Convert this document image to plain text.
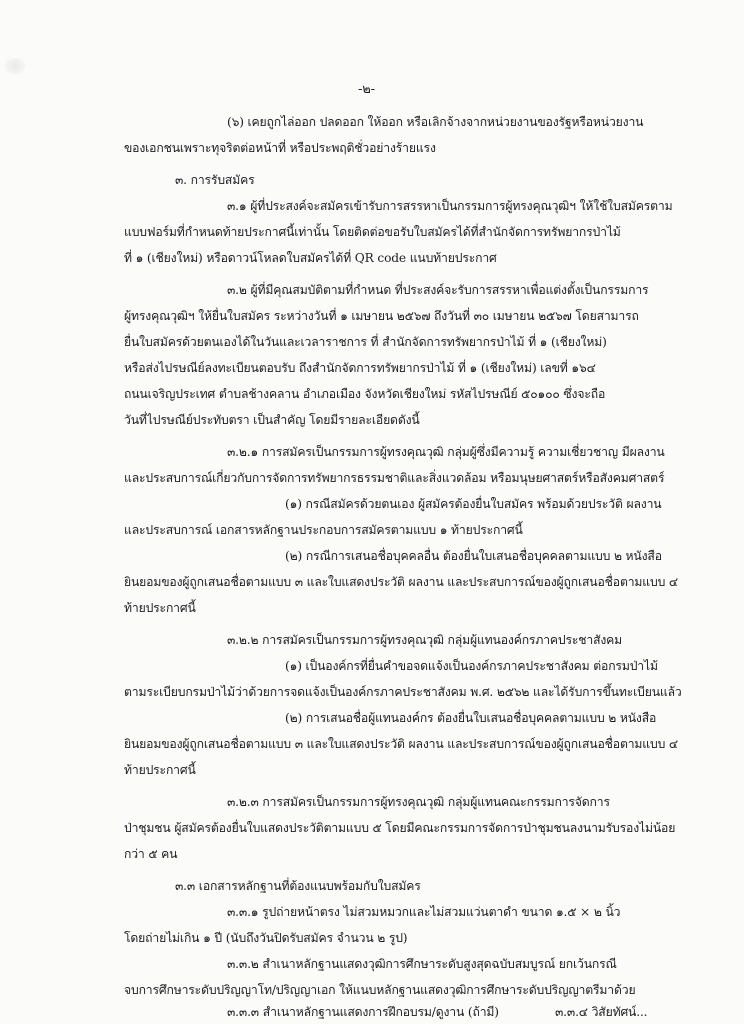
-๒-
(๖) เคยถูกไล่ออก ปลดออก ให้ออก หรือเลิกจ้างจากหน่วยงานของรัฐหรือหน่วยงาน
ของเอกชนเพราะทุจริตต่อหน้าที่ หรือประพฤติชั่วอย่างร้ายแรง
๓. การรับสมัคร
๓.๑ ผู้ที่ประสงค์จะสมัครเข้ารับการสรรหาเป็นกรรมการผู้ทรงคุณวุฒิฯ ให้ใช้ใบสมัครตาม
แบบฟอร์มที่กำหนดท้ายประกาศนี้เท่านั้น โดยติดต่อขอรับใบสมัครได้ที่สำนักจัดการทรัพยากรป่าไม้
ที่ ๑ (เชียงใหม่) หรือดาวน์โหลดใบสมัครได้ที่ QR code แนบท้ายประกาศ
๓.๒ ผู้ที่มีคุณสมบัติตามที่กำหนด ที่ประสงค์จะรับการสรรหาเพื่อแต่งตั้งเป็นกรรมการ
ผู้ทรงคุณวุฒิฯ ให้ยื่นใบสมัคร ระหว่างวันที่ ๑ เมษายน ๒๕๖๗ ถึงวันที่ ๓๐ เมษายน ๒๕๖๗ โดยสามารถ
ยื่นใบสมัครด้วยตนเองได้ในวันและเวลาราชการ ที่ สำนักจัดการทรัพยากรป่าไม้ ที่ ๑ (เชียงใหม่)
หรือส่งไปรษณีย์ลงทะเบียนตอบรับ ถึงสำนักจัดการทรัพยากรป่าไม้ ที่ ๑ (เชียงใหม่) เลขที่ ๑๖๔
ถนนเจริญประเทศ ตำบลช้างคลาน อำเภอเมือง จังหวัดเชียงใหม่ รหัสไปรษณีย์ ๕๐๑๐๐ ซึ่งจะถือ
วันที่ไปรษณีย์ประทับตรา เป็นสำคัญ โดยมีรายละเอียดดังนี้
๓.๒.๑ การสมัครเป็นกรรมการผู้ทรงคุณวุฒิ กลุ่มผู้ซึ่งมีความรู้ ความเชี่ยวชาญ มีผลงาน
และประสบการณ์เกี่ยวกับการจัดการทรัพยากรธรรมชาติและสิ่งแวดล้อม หรือมนุษยศาสตร์หรือสังคมศาสตร์
(๑) กรณีสมัครด้วยตนเอง ผู้สมัครต้องยื่นใบสมัคร พร้อมด้วยประวัติ ผลงาน
และประสบการณ์ เอกสารหลักฐานประกอบการสมัครตามแบบ ๑ ท้ายประกาศนี้
(๒) กรณีการเสนอชื่อบุคคลอื่น ต้องยื่นใบเสนอชื่อบุคคลตามแบบ ๒ หนังสือ
ยินยอมของผู้ถูกเสนอชื่อตามแบบ ๓ และใบแสดงประวัติ ผลงาน และประสบการณ์ของผู้ถูกเสนอชื่อตามแบบ ๔
ท้ายประกาศนี้
๓.๒.๒ การสมัครเป็นกรรมการผู้ทรงคุณวุฒิ กลุ่มผู้แทนองค์กรภาคประชาสังคม
(๑) เป็นองค์กรที่ยื่นคำขอจดแจ้งเป็นองค์กรภาคประชาสังคม ต่อกรมป่าไม้
ตามระเบียบกรมป่าไม้ว่าด้วยการจดแจ้งเป็นองค์กรภาคประชาสังคม พ.ศ. ๒๕๖๒ และได้รับการขึ้นทะเบียนแล้ว
(๒) การเสนอชื่อผู้แทนองค์กร ต้องยื่นใบเสนอชื่อบุคคลตามแบบ ๒ หนังสือ
ยินยอมของผู้ถูกเสนอชื่อตามแบบ ๓ และใบแสดงประวัติ ผลงาน และประสบการณ์ของผู้ถูกเสนอชื่อตามแบบ ๔
ท้ายประกาศนี้
๓.๒.๓ การสมัครเป็นกรรมการผู้ทรงคุณวุฒิ กลุ่มผู้แทนคณะกรรมการจัดการ
ป่าชุมชน ผู้สมัครต้องยื่นใบแสดงประวัติตามแบบ ๕ โดยมีคณะกรรมการจัดการป่าชุมชนลงนามรับรองไม่น้อย
กว่า ๕ คน
๓.๓ เอกสารหลักฐานที่ต้องแนบพร้อมกับใบสมัคร
๓.๓.๑ รูปถ่ายหน้าตรง ไม่สวมหมวกและไม่สวมแว่นตาดำ ขนาด ๑.๕ × ๒ นิ้ว
โดยถ่ายไม่เกิน ๑ ปี (นับถึงวันปิดรับสมัคร จำนวน ๒ รูป)
๓.๓.๒ สำเนาหลักฐานแสดงวุฒิการศึกษาระดับสูงสุดฉบับสมบูรณ์ ยกเว้นกรณี
จบการศึกษาระดับปริญญาโท/ปริญญาเอก ให้แนบหลักฐานแสดงวุฒิการศึกษาระดับปริญญาตรีมาด้วย
๓.๓.๓ สำเนาหลักฐานแสดงการฝึกอบรม/ดูงาน (ถ้ามี)	๓.๓.๔ วิสัยทัศน์...
